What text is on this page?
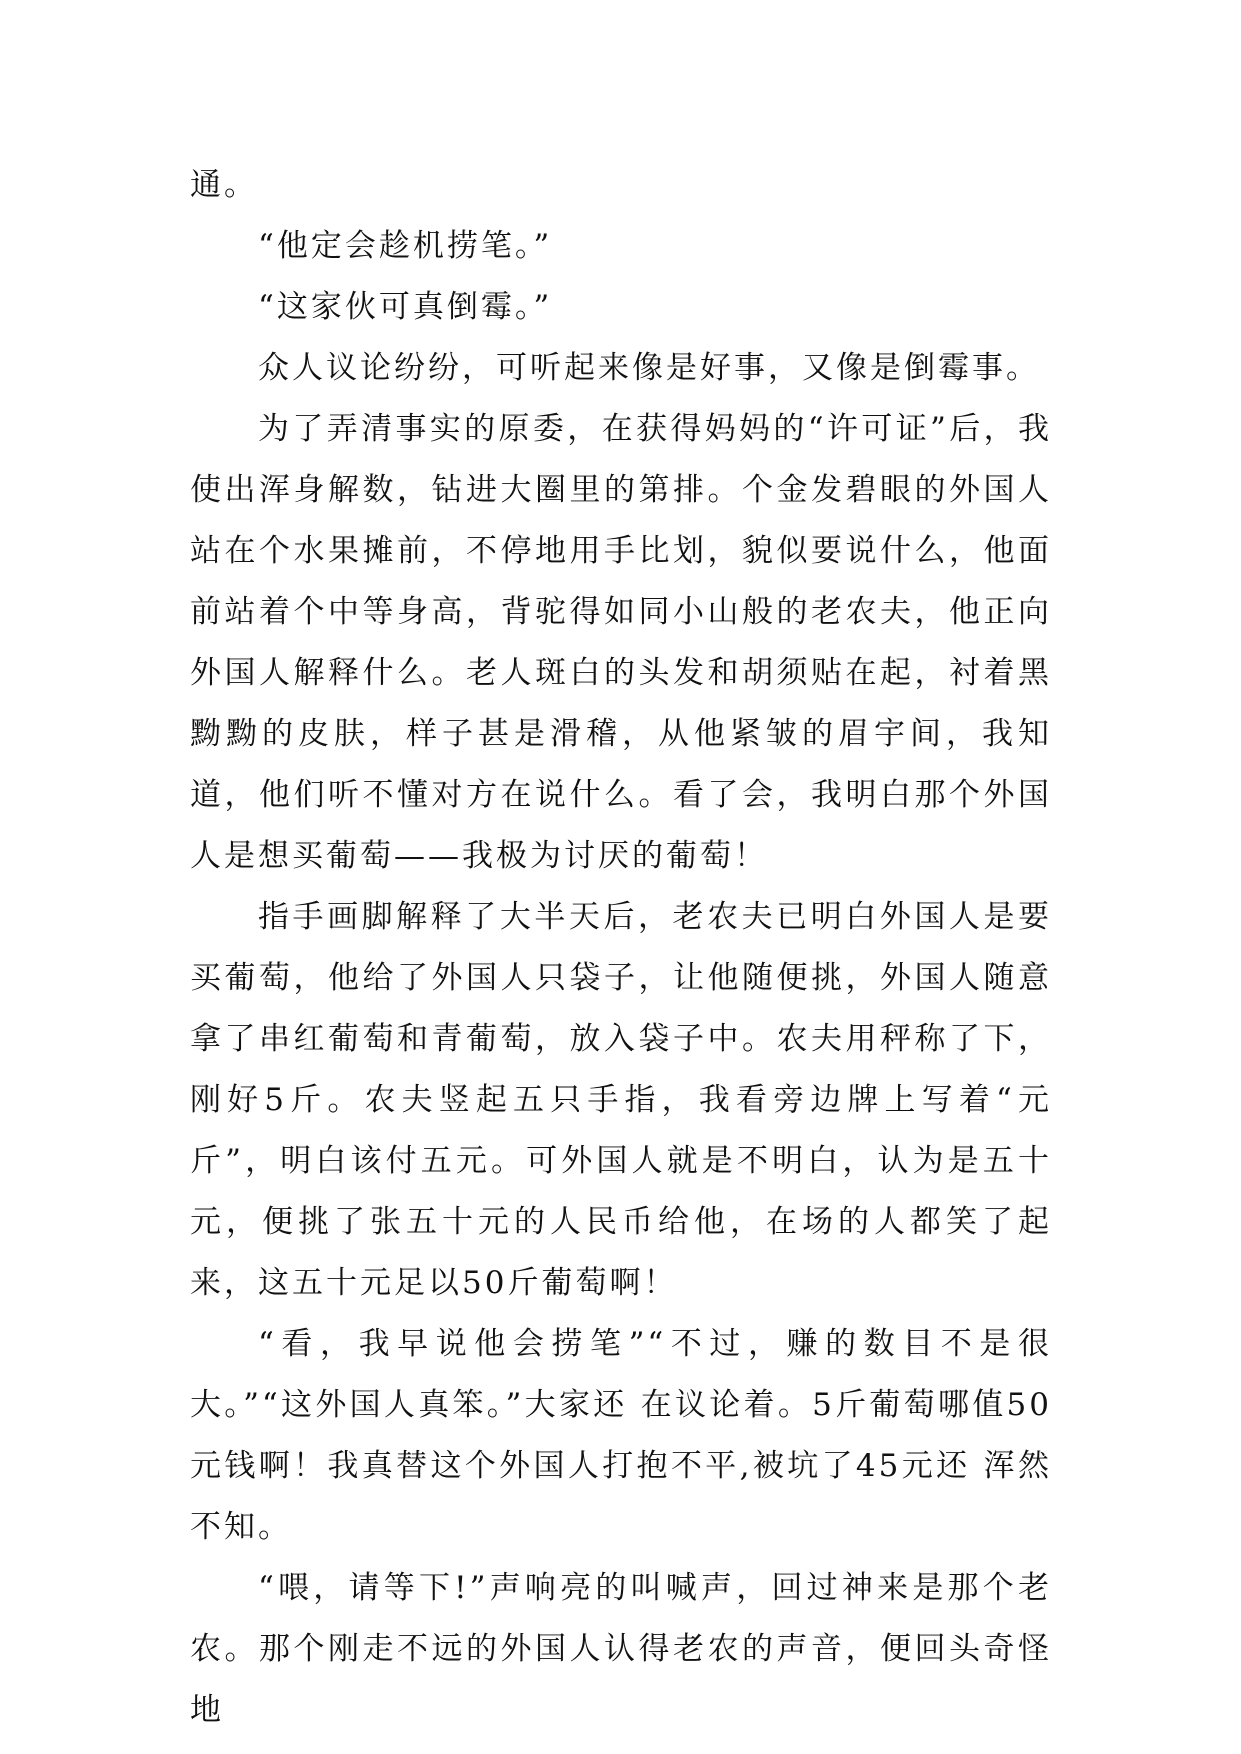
通。

“他定会趁机捞笔。”

“这家伙可真倒霉。”

众人议论纷纷，可听起来像是好事，又像是倒霉事。

为了弄清事实的原委，在获得妈妈的“许可证”后，我使出浑身解数，钻进大圈里的第排。个金发碧眼的外国人站在个水果摊前，不停地用手比划，貌似要说什么，他面前站着个中等身高，背驼得如同小山般的老农夫，他正向外国人解释什么。老人斑白的头发和胡须贴在起，衬着黑黝黝的皮肤，样子甚是滑稽，从他紧皱的眉宇间，我知道，他们听不懂对方在说什么。看了会，我明白那个外国人是想买葡萄——我极为讨厌的葡萄！

指手画脚解释了大半天后，老农夫已明白外国人是要买葡萄，他给了外国人只袋子，让他随便挑，外国人随意拿了串红葡萄和青葡萄，放入袋子中。农夫用秤称了下，刚好5斤。农夫竖起五只手指，我看旁边牌上写着“元斤”，明白该付五元。可外国人就是不明白，认为是五十元，便挑了张五十元的人民币给他，在场的人都笑了起来，这五十元足以50斤葡萄啊！

“看，我早说他会捞笔”“不过，赚的数目不是很大。”“这外国人真笨。”大家还 在议论着。5斤葡萄哪值50元钱啊！我真替这个外国人打抱不平,被坑了45元还 浑然不知。

“喂，请等下!”声响亮的叫喊声，回过神来是那个老农。那个刚走不远的外国人认得老农的声音，便回头奇怪地
